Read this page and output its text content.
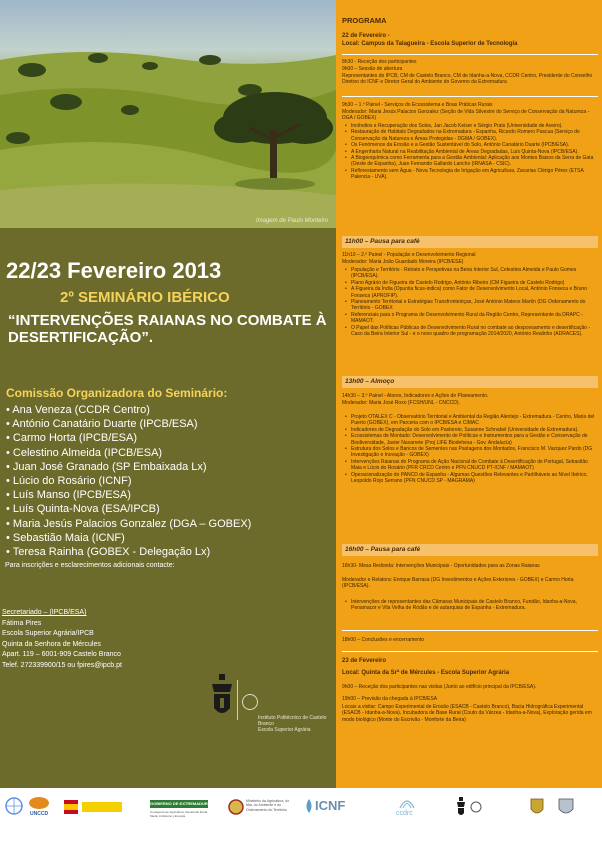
Imagem de Paulo Monteiro
22/23 Fevereiro 2013
2º SEMINÁRIO IBÉRICO
“INTERVENÇÕES RAIANAS NO COMBATE À DESERTIFICAÇÃO”.
Comissão Organizadora do Seminário:
• Ana Veneza (CCDR Centro)
• António Canatário Duarte (IPCB/ESA)
• Carmo Horta (IPCB/ESA)
• Celestino Almeida (IPCB/ESA)
• Juan José Granado (SP Embaixada Lx)
• Lúcio do Rosário (ICNF)
• Luís Manso (IPCB/ESA)
• Luís Quinta-Nova (ESA/IPCB)
• Maria Jesús Palacios Gonzalez (DGA – GOBEX)
• Sebastião Maia (ICNF)
• Teresa Rainha (GOBEX - Delegação Lx)
Para inscrições e esclarecimentos adicionais contacte:
Secretariado – (IPCB/ESA)
Fátima Pires
Escola Superior Agrária/IPCB
Quinta da Senhora de Mércules
Apart. 119 – 6001-909 Castelo Branco
Telef. 272339900/15 ou fpires@ipcb.pt
Instituto Politécnico de Castelo Branco
Escola Superior Agrária
PROGRAMA
22 de Fevereiro -
Local: Campus da Talagueira - Escola Superior de Tecnologia
8h30 - Receção dos participantes
9h00 – Sessão de abertura
Representantes do IPCB, CM de Castelo Branco, CM de Idanha-a-Nova, CCDR Centro, Presidente do Conselho Diretivo do ICNF e Diretor Geral do Ambiente do Governo da Extremadura
9h30 – 1.º Painel - Serviços do Ecossistema e Boas Práticas Rurais
Moderador: Maria Jesús Palacios Gonzalez (Seção de Vida Silvestre do Serviço de Conservação da Natureza - DGA / GOBEX)
• Incêndios e Recuperação dos Solos, Jan Jacob Keiser e Sérgio Prats (Universidade de Aveiro).
• Restauração de Habitats Degradados na Extremadura - Espanha, Ricardo Romero Pascua (Serviço de Conservação da Natureza e Áreas Protegidas - DGMA / GOBEX).
• Os Fenómenos da Erosão e a Gestão Sustentável do Solo, António Canatário Duarte (IPCB/ESA).
• A Engenharia Natural na Reabilitação Ambiental de Áreas Degradadas, Luís Quinta-Nova (IPCB/ESA).
• A Biogeoquímica como Ferramenta para a Gestão Ambiental: Aplicação aos Montes Baixos da Serra de Gata (Oeste de Espanha), Juan Fernando Gallardo Lancho (IRNASA - CSIC).
• Reflorestamento sem Água - Nova Tecnologia de Irrigação em Agricultura, Zacarias Clérigo Pérez (ETSA Palencia - UVA).
11h00 – Pausa para café
11h10 – 2.º Painel - População e Desenvolvimento Regional
Moderador: Maria João Guardado Moreira (IPCB/ESE)
• População e Território - Retrato e Perspetivas na Beira Interior Sul, Celestino Almeida e Paulo Gomes (IPCB/ESA).
• Plano Agrário de Figueira de Castelo Rodrigo, António Ribeiro (CM Figueira de Castelo Rodrigo)
• A Figueira da Índia (Opuntia ficus-indica) como Fator de Desenvolvimento Local, António Fonseca e Bruno Fonseca (APROFIP).
• Planeamento Territorial e Estratégias Transfronteiriças, José António Mateos Martín (DG Ordenamento do Território - GOBEX
• Referenciais para o Programa de Desenvolvimento Rural da Região Centro, Representante da DRAPC - MAMAOT.
• O Papel das Políticas Públicas de Desenvolvimento Rural no combate ao despovoamento e desertificação - Caso da Beira Interior Sul - e o novo quadro de programação 2014/2020, António Realinho (ADRACES).
13h00 – Almoço
14h30 – 3.º Painel - Atores, Indicadores e Ações de Planeamento.
Moderador: Maria José Roxo (FCSH/UNL - CNCCD).
• Projeto OTALEX C - Observatório Territorial e Ambiental da Região Alentejo - Extremadura - Centro, Maria del Puerto (GOBEX), em Parceria com o IPCB/ESA e CIMAC
• Indicadores de Degradação do Solo em Pastoreio, Susanne Schnabel (Universidade de Extremadura).
• Ecossistemas de Montado: Desenvolvimento de Políticas e Instrumentos para a Gestão e Conservação de Biodiversidade, Javier Navarrete (Proj LIFE Biodehesa - Gov. Andalucía)
• Estrutura dos Solos e Bancos de Sementes nas Pastagens dos Montados, Francisco M. Vazquez Pardo (DG Investigação e Inovação - GOBEX)
• Intervenções Raianas do Programa de Ação Nacional de Combate à Desertificação de Portugal, Sebastião Maia e Lúcio do Rosário (PFR CRCD Centro e PFN CNUCD PT-ICNF / MAMAOT)
• Operacionalização do PANCD de Espanha - Algumas Questões Relevantes e Partilháveis ao Nível Ibérico, Leopoldo Rojo Serrano (PFN CNUCD SP - MAGRAMA)
16h00 – Pausa para café
16h30- Mesa Redonda: Intervenções Municipais - Oportunidades para as Zonas Raianas
Moderador e Relatora: Enrique Barrasa (DG Investimentos e Ações Exteriores - GOBEX) e Carmo Horta (IPCB/ESA).
• Intervenções de representantes das Câmaras Municipais de Castelo Branco, Fundão, Idanha-a-Nova, Penamacor e Vila Velha de Ródão e de autarquias de Espanha - Extremadura.
18h00 – Conclusões e encerramento
23 de Fevereiro
Local: Quinta da Srª de Mércules - Escola Superior Agrária
9h00 – Receção dos participantes nas visitas (Junto ao edifício principal da IPCB/ESA).
19h00 – Previsão da chegada à IPCB/ESA
Locais a visitar: Campo Experimental de Erosão (ESACB - Castelo Branco), Bacia Hidrográfica Experimental (ESACB - Idanha-a-Nova), Incubadora de Base Rural (Couto da Várzea - Idanha-a-Nova), Exploração gerida em modo biológico (Monte do Escrivão - Monforte da Beira)
UNCCD
GOBIERNO DE EXTREMADURA
Consejería de Agricultura, Desarrollo Rural, Medio Ambiente y Energía
Ministério da Agricultura, do Mar, do Ambiente e do Ordenamento do Território	ICNF
ccdrc
